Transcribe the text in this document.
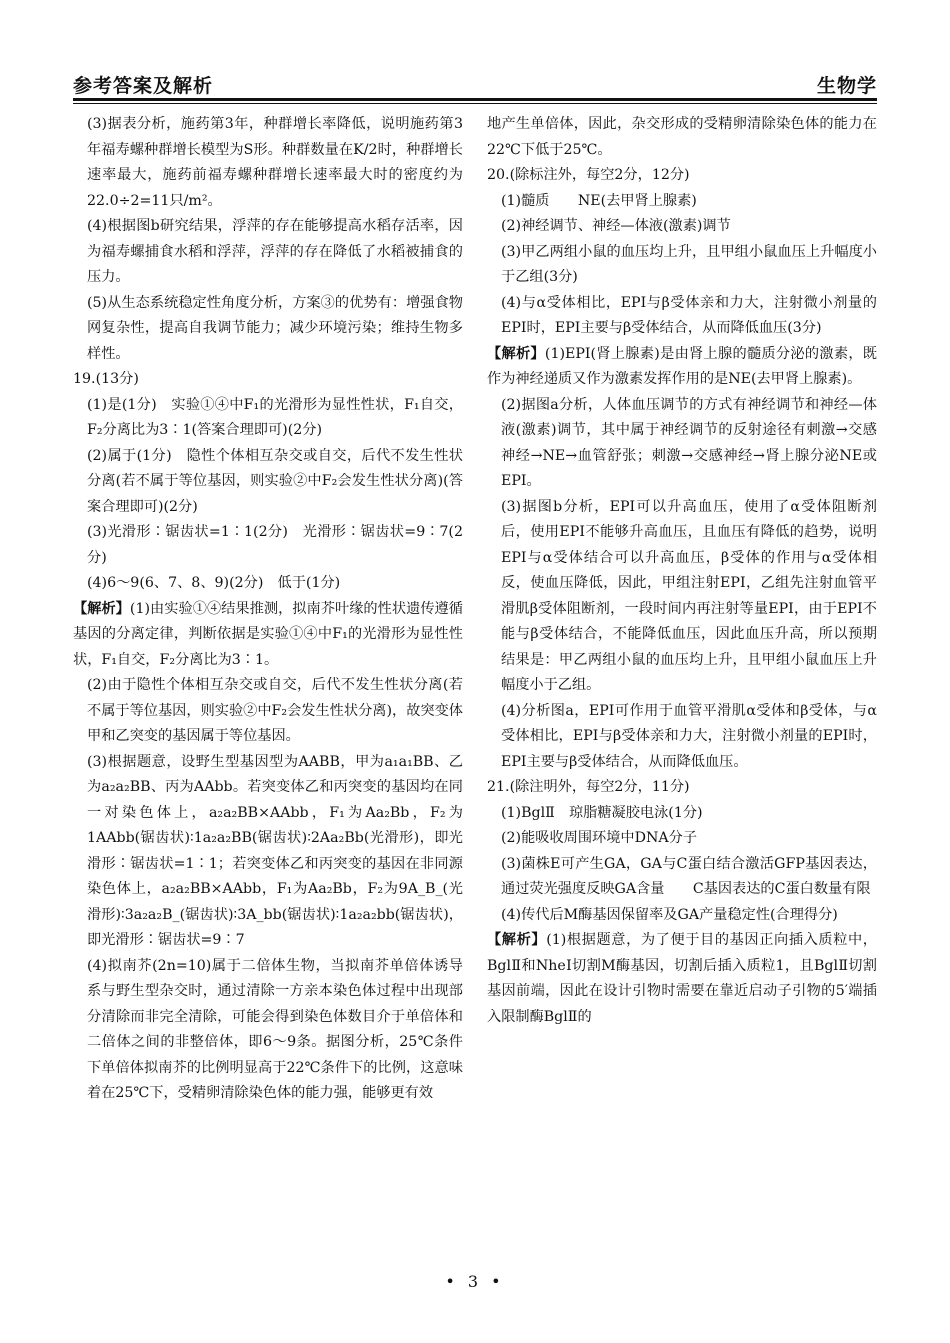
参考答案及解析	生物学

(3)据表分析，施药第3年，种群增长率降低，说明施药第3年福寿螺种群增长模型为S形。种群数量在K/2时，种群增长速率最大，施药前福寿螺种群增长速率最大时的密度约为22.0÷2=11只/m²。

(4)根据图b研究结果，浮萍的存在能够提高水稻存活率，因为福寿螺捕食水稻和浮萍，浮萍的存在降低了水稻被捕食的压力。

(5)从生态系统稳定性角度分析，方案③的优势有：增强食物网复杂性，提高自我调节能力；减少环境污染；维持生物多样性。

19.(13分)

(1)是(1分)　实验①④中F₁的光滑形为显性性状，F₁自交，F₂分离比为3∶1(答案合理即可)(2分)

(2)属于(1分)　隐性个体相互杂交或自交，后代不发生性状分离(若不属于等位基因，则实验②中F₂会发生性状分离)(答案合理即可)(2分)

(3)光滑形∶锯齿状=1∶1(2分)　光滑形∶锯齿状=9∶7(2分)

(4)6～9(6、7、8、9)(2分)　低于(1分)

【解析】(1)由实验①④结果推测，拟南芥叶缘的性状遗传遵循基因的分离定律，判断依据是实验①④中F₁的光滑形为显性性状，F₁自交，F₂分离比为3∶1。

(2)由于隐性个体相互杂交或自交，后代不发生性状分离(若不属于等位基因，则实验②中F₂会发生性状分离)，故突变体甲和乙突变的基因属于等位基因。

(3)根据题意，设野生型基因型为AABB，甲为a₁a₁BB、乙为a₂a₂BB、丙为AAbb。若突变体乙和丙突变的基因均在同一对染色体上，a₂a₂BB×AAbb，F₁为Aa₂Bb，F₂为1AAbb(锯齿状)∶1a₂a₂BB(锯齿状)∶2Aa₂Bb(光滑形)，即光滑形∶锯齿状=1∶1；若突变体乙和丙突变的基因在非同源染色体上，a₂a₂BB×AAbb，F₁为Aa₂Bb，F₂为9A_B_(光滑形)∶3a₂a₂B_(锯齿状)∶3A_bb(锯齿状)∶1a₂a₂bb(锯齿状)，即光滑形∶锯齿状=9∶7

(4)拟南芥(2n=10)属于二倍体生物，当拟南芥单倍体诱导系与野生型杂交时，通过清除一方亲本染色体过程中出现部分清除而非完全清除，可能会得到染色体数目介于单倍体和二倍体之间的非整倍体，即6～9条。据图分析，25℃条件下单倍体拟南芥的比例明显高于22℃条件下的比例，这意味着在25℃下，受精卵清除染色体的能力强，能够更有效

地产生单倍体，因此，杂交形成的受精卵清除染色体的能力在22℃下低于25℃。

20.(除标注外，每空2分，12分)

(1)髓质　　NE(去甲肾上腺素)

(2)神经调节、神经—体液(激素)调节

(3)甲乙两组小鼠的血压均上升，且甲组小鼠血压上升幅度小于乙组(3分)

(4)与α受体相比，EPI与β受体亲和力大，注射微小剂量的EPI时，EPI主要与β受体结合，从而降低血压(3分)

【解析】(1)EPI(肾上腺素)是由肾上腺的髓质分泌的激素，既作为神经递质又作为激素发挥作用的是NE(去甲肾上腺素)。

(2)据图a分析，人体血压调节的方式有神经调节和神经—体液(激素)调节，其中属于神经调节的反射途径有刺激→交感神经→NE→血管舒张；刺激→交感神经→肾上腺分泌NE或EPI。

(3)据图b分析，EPI可以升高血压，使用了α受体阻断剂后，使用EPI不能够升高血压，且血压有降低的趋势，说明EPI与α受体结合可以升高血压，β受体的作用与α受体相反，使血压降低，因此，甲组注射EPI，乙组先注射血管平滑肌β受体阻断剂，一段时间内再注射等量EPI，由于EPI不能与β受体结合，不能降低血压，因此血压升高，所以预期结果是：甲乙两组小鼠的血压均上升，且甲组小鼠血压上升幅度小于乙组。

(4)分析图a，EPI可作用于血管平滑肌α受体和β受体，与α受体相比，EPI与β受体亲和力大，注射微小剂量的EPI时，EPI主要与β受体结合，从而降低血压。

21.(除注明外，每空2分，11分)

(1)BglⅡ　琼脂糖凝胶电泳(1分)

(2)能吸收周围环境中DNA分子

(3)菌株E可产生GA，GA与C蛋白结合激活GFP基因表达，通过荧光强度反映GA含量　　C基因表达的C蛋白数量有限

(4)传代后M酶基因保留率及GA产量稳定性(合理得分)

【解析】(1)根据题意，为了便于目的基因正向插入质粒中，BglⅡ和NheⅠ切割M酶基因，切割后插入质粒1，且BglⅡ切割基因前端，因此在设计引物时需要在靠近启动子引物的5′端插入限制酶BglⅡ的

• 3 •
